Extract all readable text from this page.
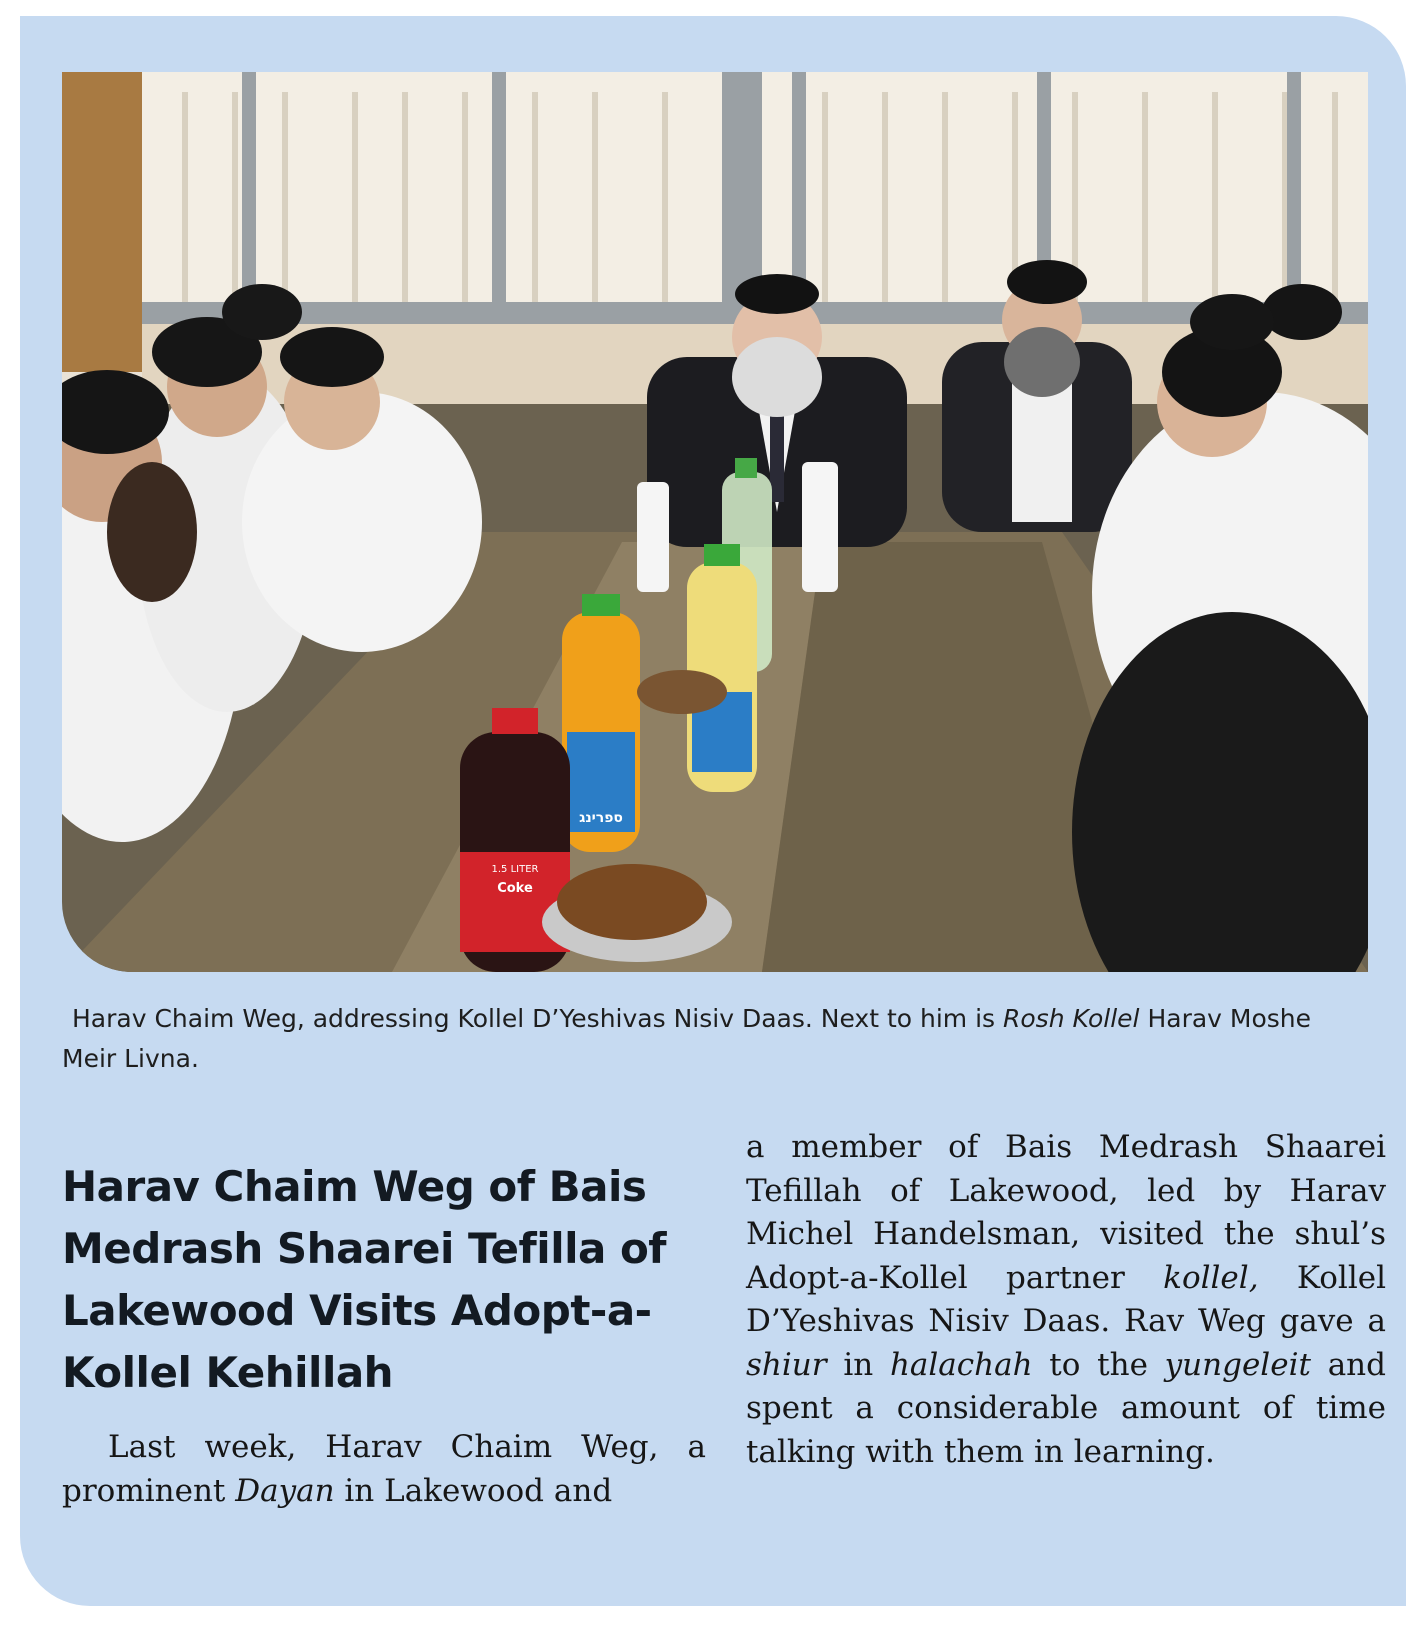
ספרינג
Coke
1.5 LITER
Harav Chaim Weg, addressing Kollel D’Yeshivas Nisiv Daas. Next to him is Rosh Kollel Harav Moshe Meir Livna.
Harav Chaim Weg of Bais Medrash Shaarei Tefilla of Lakewood Visits Adopt-a-Kollel Kehillah
Last week, Harav Chaim Weg, a prominent Dayan in Lakewood and
a member of Bais Medrash Shaarei Tefillah of Lakewood, led by Harav Michel Handelsman, visited the shul’s Adopt-a-Kollel partner kollel, Kollel D’Yeshivas Nisiv Daas. Rav Weg gave a shiur in halachah to the yungeleit and spent a considerable amount of time talking with them in learning.
